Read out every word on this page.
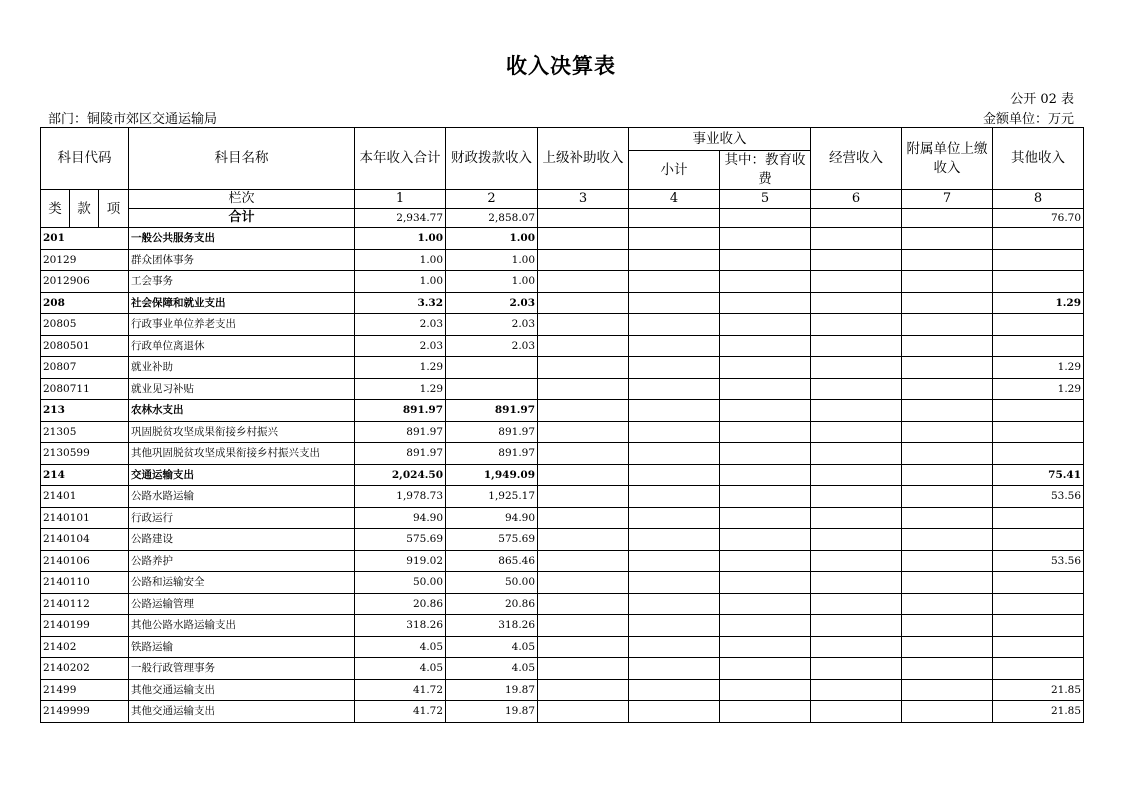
收入决算表
公开 02 表
部门：铜陵市郊区交通运输局	金额单位：万元
科目代码			科目名称	本年收入合计	财政拨款收入	上级补助收入	事业收入		经营收入	附属单位上缴收入	其他收入
							小计	其中：教育收费			
类	款	项	栏次	1	2	3	4	5	6	7	8
			合计	2,934.77	2,858.07						76.70
201			一般公共服务支出	1.00	1.00						
20129			群众团体事务	1.00	1.00						
2012906			工会事务	1.00	1.00						
208			社会保障和就业支出	3.32	2.03						1.29
20805			行政事业单位养老支出	2.03	2.03						
2080501			行政单位离退休	2.03	2.03						
20807			就业补助	1.29							1.29
2080711			就业见习补贴	1.29							1.29
213			农林水支出	891.97	891.97						
21305			巩固脱贫攻坚成果衔接乡村振兴	891.97	891.97						
2130599			其他巩固脱贫攻坚成果衔接乡村振兴支出	891.97	891.97						
214			交通运输支出	2,024.50	1,949.09						75.41
21401			公路水路运输	1,978.73	1,925.17						53.56
2140101			行政运行	94.90	94.90						
2140104			公路建设	575.69	575.69						
2140106			公路养护	919.02	865.46						53.56
2140110			公路和运输安全	50.00	50.00						
2140112			公路运输管理	20.86	20.86						
2140199			其他公路水路运输支出	318.26	318.26						
21402			铁路运输	4.05	4.05						
2140202			一般行政管理事务	4.05	4.05						
21499			其他交通运输支出	41.72	19.87						21.85
2149999			其他交通运输支出	41.72	19.87						21.85
